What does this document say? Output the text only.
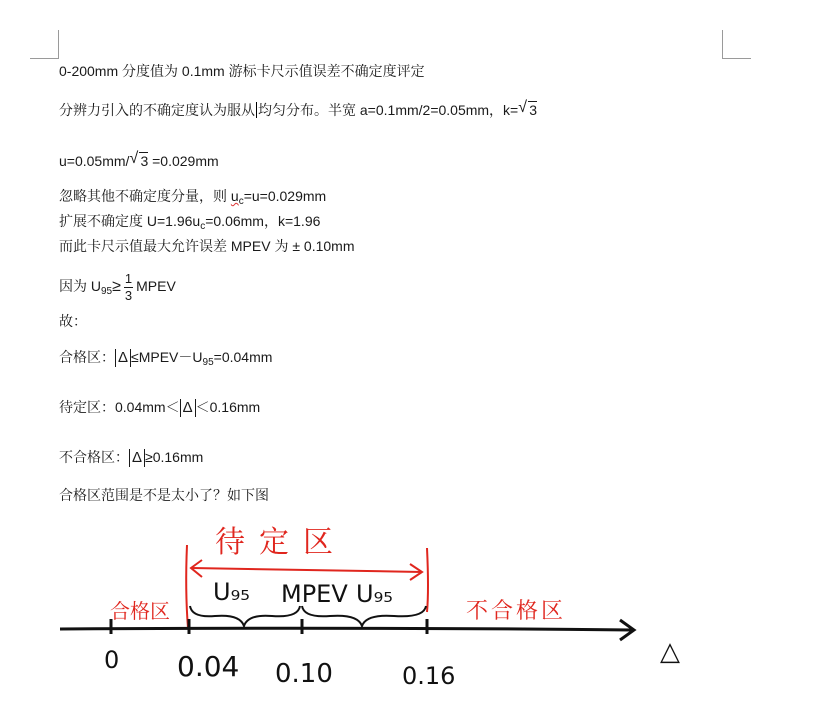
0-200mm 分度值为 0.1mm 游标卡尺示值误差不确定度评定
分辨力引入的不确定度认为服从 均匀分布。半宽 a=0.1mm/2=0.05mm，k= √ 3
u=0.05mm/ √ 3 =0.029mm
忽略其他不确定度分量，则 $u_c=u=0.029mm$
扩展不确定度 $U=1.96u_c=0.06mm$，k=1.96
而此卡尺示值最大允许误差 MPEV 为 ± 0.10mm
因为 $U_{95}\ge \frac{1}{3}$ MPEV
故：
合格区： $\Delta \le MPEV-U_{95}=0.04mm$
待定区：0.04mm＜ Δ ＜0.16mm
不合格区： Δ ≥0.16mm
合格区范围是不是太小了？如下图
待定区
合格区	不合格区
U₉₅ MPEV U₉₅
0 0.04 0.10	0.16
△
